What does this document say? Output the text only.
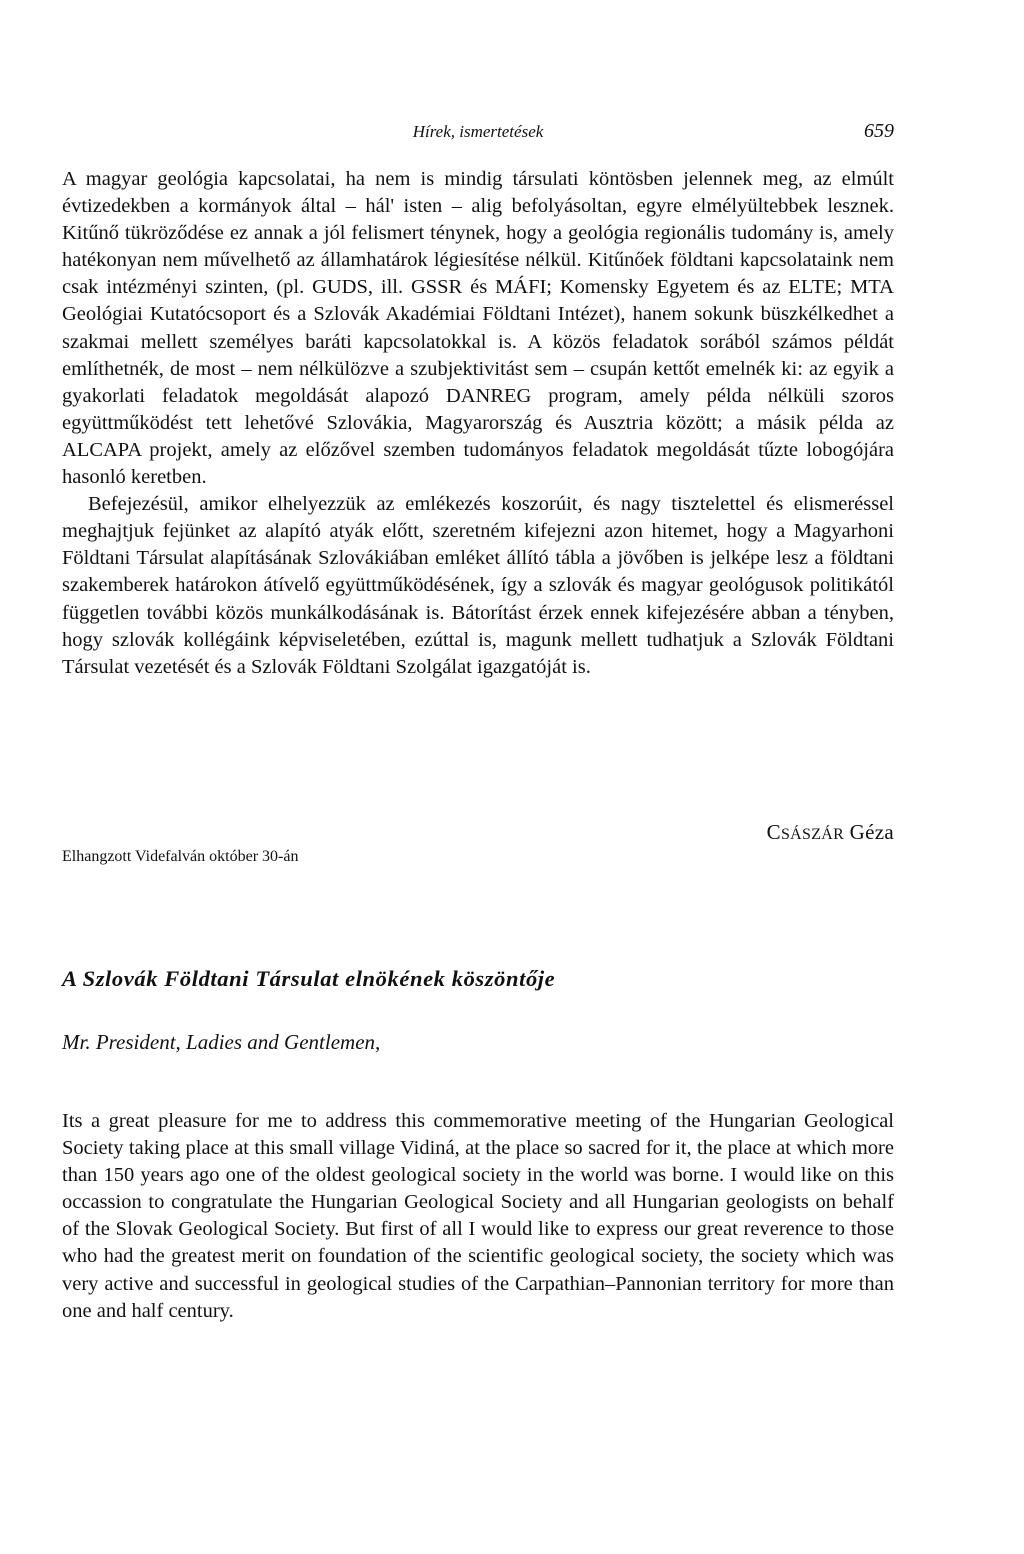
Hírek, ismertetések	659

A magyar geológia kapcsolatai, ha nem is mindig társulati köntösben jelennek meg, az elmúlt évtizedekben a kormányok által – hál' isten – alig befolyásoltan, egyre elmélyültebbek lesznek. Kitűnő tükröződése ez annak a jól felismert ténynek, hogy a geológia regionális tudomány is, amely hatékonyan nem művelhető az államhatárok légiesítése nélkül. Kitűnőek földtani kapcsolataink nem csak intézményi szinten, (pl. GUDS, ill. GSSR és MÁFI; Komensky Egyetem és az ELTE; MTA Geológiai Kutatócsoport és a Szlovák Akadémiai Földtani Intézet), hanem sokunk büszkélkedhet a szakmai mellett személyes baráti kapcsolatokkal is. A közös feladatok sorából számos példát említhetnék, de most – nem nélkülözve a szubjektivitást sem – csupán kettőt emelnék ki: az egyik a gyakorlati feladatok megoldását alapozó DANREG program, amely példa nélküli szoros együttműködést tett lehetővé Szlovákia, Magyarország és Ausztria között; a másik példa az ALCAPA projekt, amely az előzővel szemben tudományos feladatok megoldását tűzte lobogójára hasonló keretben.

Befejezésül, amikor elhelyezzük az emlékezés koszorúit, és nagy tisztelettel és elismeréssel meghajtjuk fejünket az alapító atyák előtt, szeretném kifejezni azon hitemet, hogy a Magyarhoni Földtani Társulat alapításának Szlovákiában emléket állító tábla a jövőben is jelképe lesz a földtani szakemberek határokon átívelő együttműködésének, így a szlovák és magyar geológusok politikától független további közös munkálkodásának is. Bátorítást érzek ennek kifejezésére abban a tényben, hogy szlovák kollégáink képviseletében, ezúttal is, magunk mellett tudhatjuk a Szlovák Földtani Társulat vezetését és a Szlovák Földtani Szolgálat igazgatóját is.

Elhangzott Videfalván október 30-án
CSÁSZÁR Géza
A Szlovák Földtani Társulat elnökének köszöntője
Mr. President, Ladies and Gentlemen,

Its a great pleasure for me to address this commemorative meeting of the Hungarian Geological Society taking place at this small village Vidiná, at the place so sacred for it, the place at which more than 150 years ago one of the oldest geological society in the world was borne. I would like on this occassion to congratulate the Hungarian Geological Society and all Hungarian geologists on behalf of the Slovak Geological Society. But first of all I would like to express our great reverence to those who had the greatest merit on foundation of the scientific geological society, the society which was very active and successful in geological studies of the Carpathian–Pannonian territory for more than one and half century.
